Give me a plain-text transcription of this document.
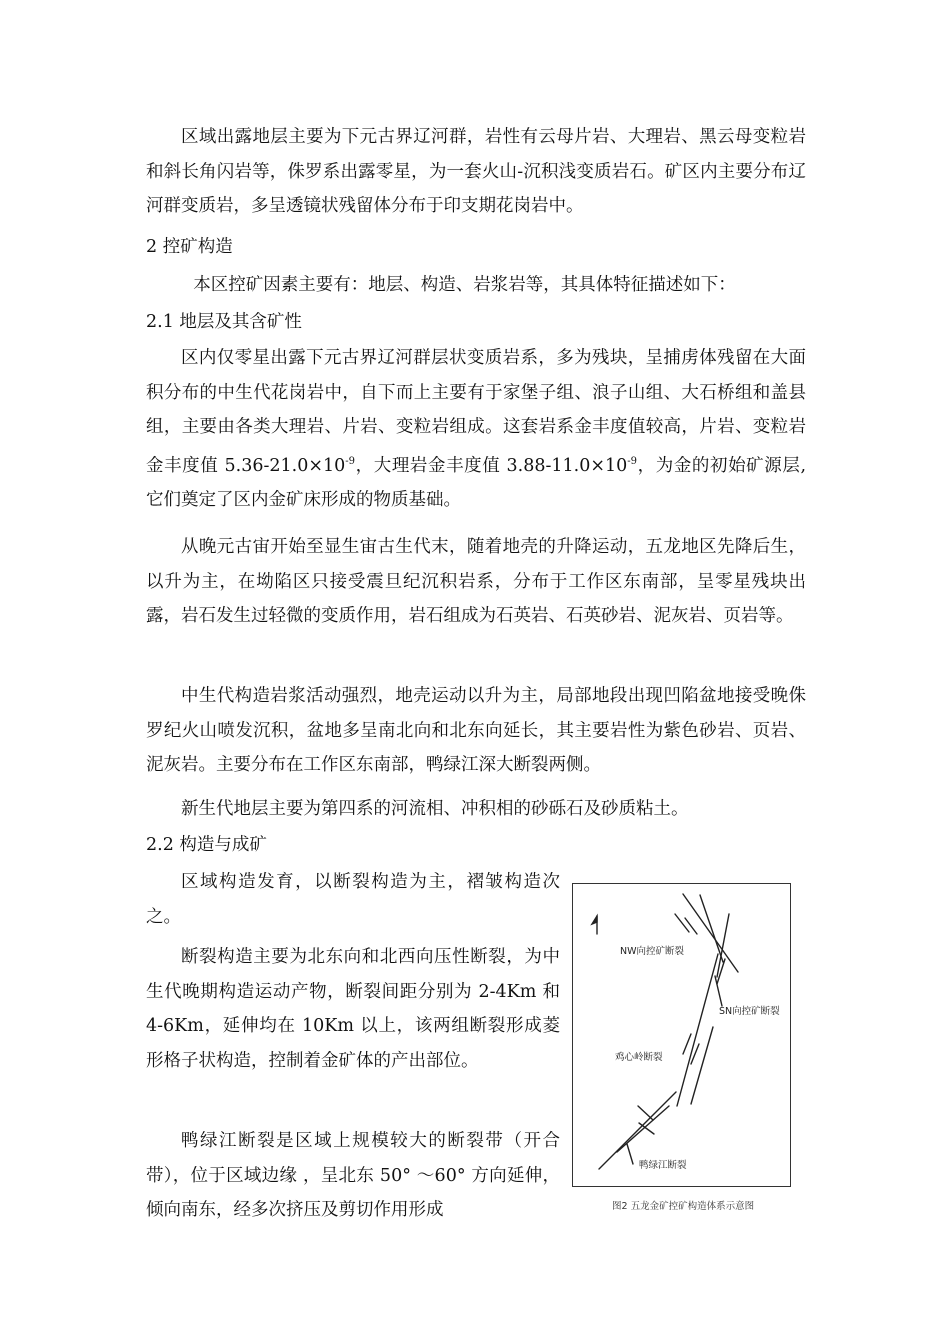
区域出露地层主要为下元古界辽河群，岩性有云母片岩、大理岩、黑云母变粒岩和斜长角闪岩等，侏罗系出露零星，为一套火山-沉积浅变质岩石。矿区内主要分布辽河群变质岩，多呈透镜状残留体分布于印支期花岗岩中。

2 控矿构造

本区控矿因素主要有：地层、构造、岩浆岩等，其具体特征描述如下：

2.1 地层及其含矿性

区内仅零星出露下元古界辽河群层状变质岩系，多为残块，呈捕虏体残留在大面积分布的中生代花岗岩中，自下而上主要有于家堡子组、浪子山组、大石桥组和盖县组，主要由各类大理岩、片岩、变粒岩组成。这套岩系金丰度值较高，片岩、变粒岩金丰度值 $5.36-21.0\times 10^{-9}$，大理岩金丰度值 $3.88-11.0\times 10^{-9}$，为金的初始矿源层,它们奠定了区内金矿床形成的物质基础。

从晚元古宙开始至显生宙古生代末，随着地壳的升降运动，五龙地区先降后生，以升为主，在坳陷区只接受震旦纪沉积岩系，分布于工作区东南部，呈零星残块出露，岩石发生过轻微的变质作用，岩石组成为石英岩、石英砂岩、泥灰岩、页岩等。

中生代构造岩浆活动强烈，地壳运动以升为主，局部地段出现凹陷盆地接受晚侏罗纪火山喷发沉积，盆地多呈南北向和北东向延长，其主要岩性为紫色砂岩、页岩、泥灰岩。主要分布在工作区东南部，鸭绿江深大断裂两侧。

新生代地层主要为第四系的河流相、冲积相的砂砾石及砂质粘土。

2.2 构造与成矿

区域构造发育，以断裂构造为主，褶皱构造次之。

断裂构造主要为北东向和北西向压性断裂，为中生代晚期构造运动产物，断裂间距分别为 2-4Km 和 4-6Km，延伸均在 10Km 以上，该两组断裂形成菱形格子状构造，控制着金矿体的产出部位。

鸭绿江断裂是区域上规模较大的断裂带（开合带），位于区域边缘 ，呈北东 50° ～60° 方向延伸，倾向南东，经多次挤压及剪切作用形成

NW向控矿断裂
SN向控矿断裂
鸡心岭断裂
鸭绿江断裂
图2 五龙金矿控矿构造体系示意图
